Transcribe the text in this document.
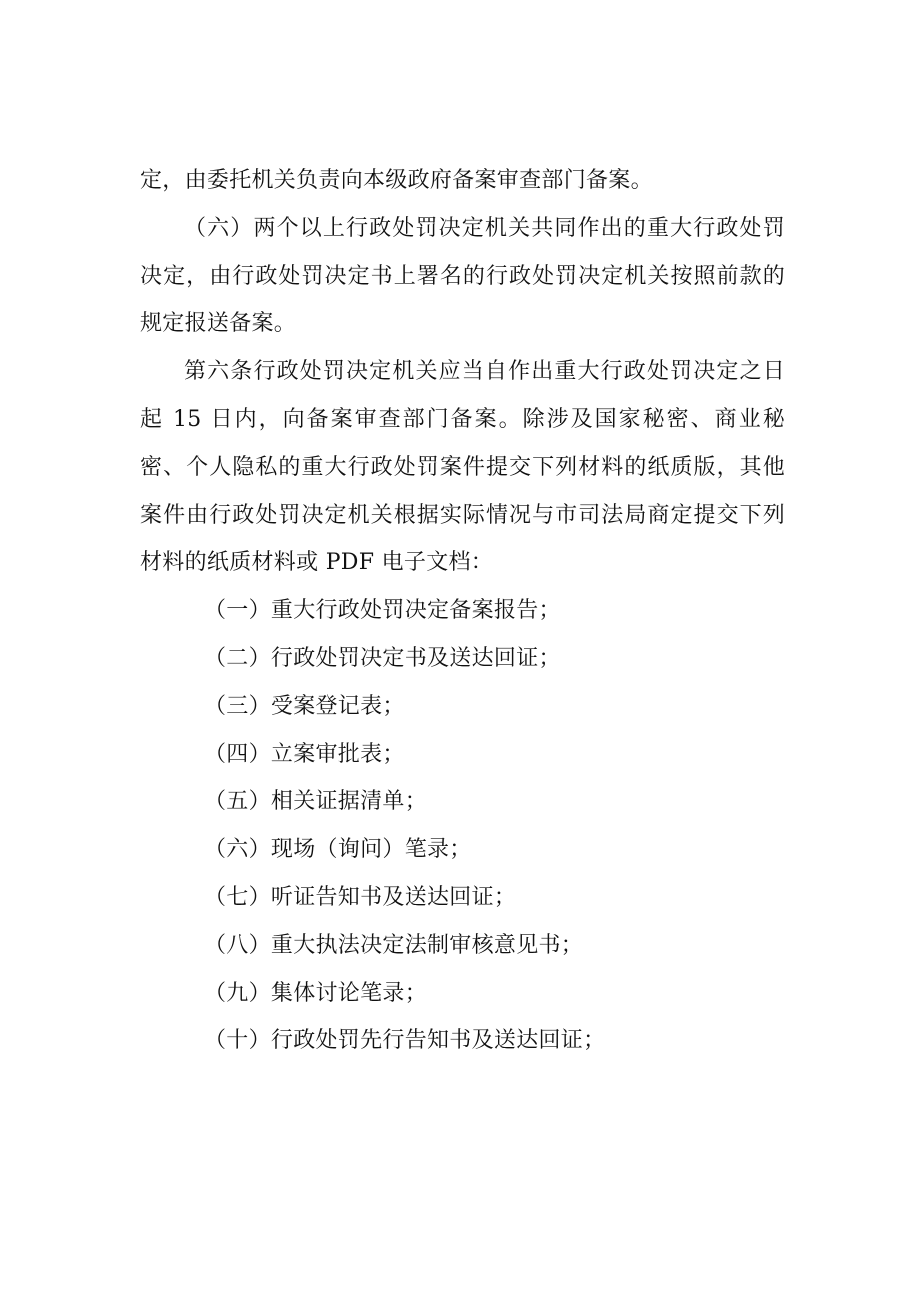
定，由委托机关负责向本级政府备案审查部门备案。

（六）两个以上行政处罚决定机关共同作出的重大行政处罚决定，由行政处罚决定书上署名的行政处罚决定机关按照前款的规定报送备案。

第六条行政处罚决定机关应当自作出重大行政处罚决定之日起 15 日内，向备案审查部门备案。除涉及国家秘密、商业秘密、个人隐私的重大行政处罚案件提交下列材料的纸质版，其他案件由行政处罚决定机关根据实际情况与市司法局商定提交下列材料的纸质材料或 PDF 电子文档：

（一）重大行政处罚决定备案报告；
（二）行政处罚决定书及送达回证；
（三）受案登记表；
（四）立案审批表；
（五）相关证据清单；
（六）现场（询问）笔录；
（七）听证告知书及送达回证；
（八）重大执法决定法制审核意见书；
（九）集体讨论笔录；
（十）行政处罚先行告知书及送达回证；
